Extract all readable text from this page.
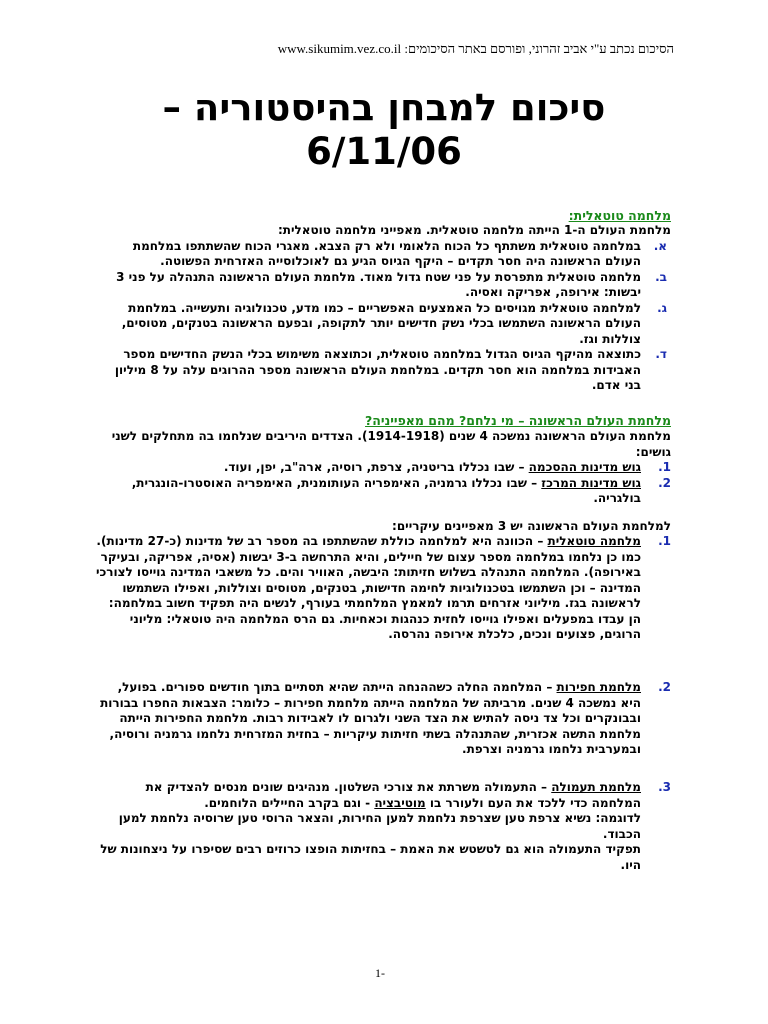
הסיכום נכתב ע"י אביב זהרוני, ופורסם באתר הסיכומים: www.sikumim.vez.co.il
סיכום למבחן בהיסטוריה –
6/11/06
מלחמה טוטאלית:

מלחמת העולם ה-1 הייתה מלחמה טוטאלית. מאפייני מלחמה טוטאלית:

א.
במלחמה טוטאלית משתתף כל הכוח הלאומי ולא רק הצבא. מאגרי הכוח שהשתתפו במלחמת העולם הראשונה היה חסר תקדים – היקף הגיוס הגיע גם לאוכלוסייה האזרחית הפשוטה.
ב.
מלחמה טוטאלית מתפרסת על פני שטח גדול מאוד. מלחמת העולם הראשונה התנהלה על פני 3 יבשות: אירופה, אפריקה ואסיה.
ג.
למלחמה טוטאלית מגויסים כל האמצעים האפשריים – כמו מדע, טכנולוגיה ותעשייה. במלחמת העולם הראשונה השתמשו בכלי נשק חדישים יותר לתקופה, ובפעם הראשונה בטנקים, מטוסים, צוללות וגז.
ד.
כתוצאה מהיקף הגיוס הגדול במלחמה טוטאלית, וכתוצאה משימוש בכלי הנשק החדישים מספר האבידות במלחמה הוא חסר תקדים. במלחמת העולם הראשונה מספר ההרוגים עלה על 8 מיליון בני אדם.
מלחמת העולם הראשונה – מי נלחם? מהם מאפייניה?

מלחמת העולם הראשונה נמשכה 4 שנים (1914-1918). הצדדים היריבים שנלחמו בה מתחלקים לשני גושים:

1.
גוש מדינות ההסכמה – שבו נכללו בריטניה, צרפת, רוסיה, ארה"ב, יפן, ועוד.
2.
גוש מדינות המרכז – שבו נכללו גרמניה, האימפריה העותומנית, האימפריה האוסטרו-הונגרית, בולגריה.
למלחמת העולם הראשונה יש 3 מאפיינים עיקריים:
1.
מלחמה טוטאלית – הכוונה היא למלחמה כוללת שהשתתפו בה מספר רב של מדינות (כ-27 מדינות). כמו כן נלחמו במלחמה מספר עצום של חיילים, והיא התרחשה ב-3 יבשות (אסיה, אפריקה, ובעיקר באירופה). המלחמה התנהלה בשלוש חזיתות: היבשה, האוויר והים. כל משאבי המדינה גוייסו לצורכי המדינה – וכן השתמשו בטכנולוגיות לחימה חדישות, בטנקים, מטוסים וצוללות, ואפילו השתמשו לראשונה בגז. מיליוני אזרחים תרמו למאמץ המלחמתי בעורף, לנשים היה תפקיד חשוב במלחמה: הן עבדו במפעלים ואפילו גוייסו לחזית כנהגות וכאחיות. גם הרס המלחמה היה טוטאלי: מליוני הרוגים, פצועים ונכים, כלכלת אירופה נהרסה.
2.
מלחמת חפירות – המלחמה החלה כשההנחה הייתה שהיא תסתיים בתוך חודשים ספורים. בפועל, היא נמשכה 4 שנים. מרביתה של המלחמה הייתה מלחמת חפירות – כלומר: הצבאות החפרו בבורות ובבונקרים וכל צד ניסה להתיש את הצד השני ולגרום לו לאבידות רבות. מלחמת החפירות הייתה מלחמת התשה אכזרית, שהתנהלה בשתי חזיתות עיקריות – בחזית המזרחית נלחמו גרמניה ורוסיה, ובמערבית נלחמו גרמניה וצרפת.
3.
מלחמת תעמולה – התעמולה משרתת את צורכי השלטון. מנהיגים שונים מנסים להצדיק את המלחמה כדי ללכד את העם ולעורר בו מוטיבציה - וגם בקרב החיילים הלוחמים.
לדוגמה: נשיא צרפת טען שצרפת נלחמת למען החירות, והצאר הרוסי טען שרוסיה נלחמת למען הכבוד.
תפקיד התעמולה הוא גם לטשטש את האמת – בחזיתות הופצו כרוזים רבים שסיפרו על ניצחונות של היו.
1-
